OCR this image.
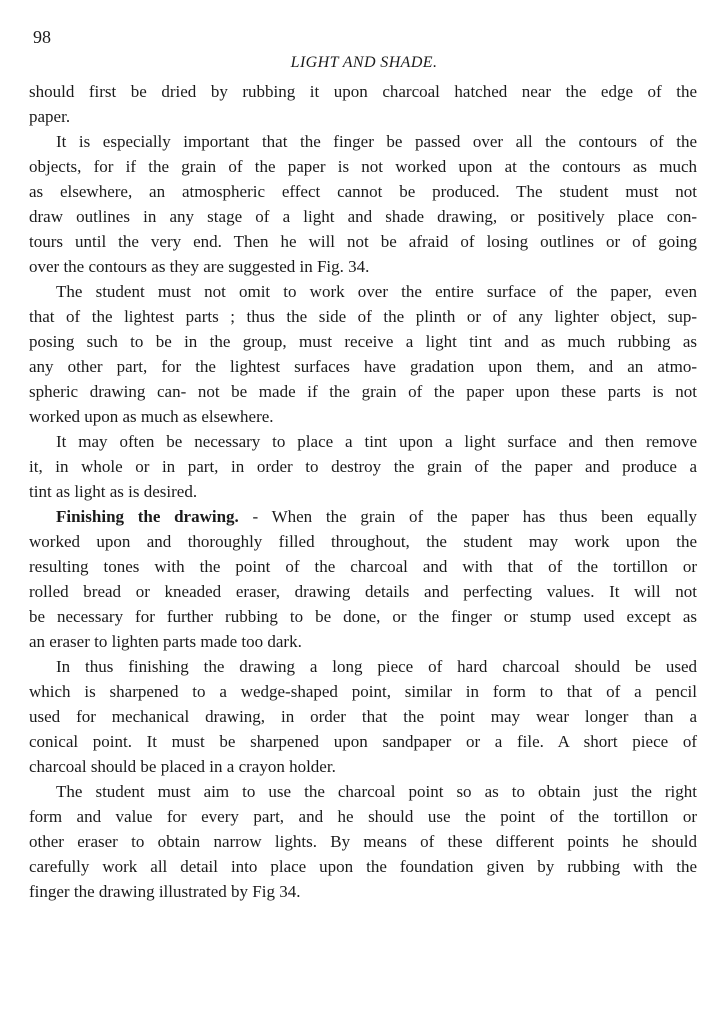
98
LIGHT AND SHADE.
should first be dried by rubbing it upon charcoal hatched near the edge of the
paper.
It is especially important that the finger be passed over all the contours of the
objects, for if the grain of the paper is not worked upon at the contours as much
as elsewhere, an atmospheric effect cannot be produced. The student must not
draw outlines in any stage of a light and shade drawing, or positively place con-
tours until the very end. Then he will not be afraid of losing outlines or of going
over the contours as they are suggested in Fig. 34.
The student must not omit to work over the entire surface of the paper, even
that of the lightest parts ; thus the side of the plinth or of any lighter object, sup-
posing such to be in the group, must receive a light tint and as much rubbing as
any other part, for the lightest surfaces have gradation upon them, and an atmo-
spheric drawing can- not be made if the grain of the paper upon these parts is not
worked upon as much as elsewhere.
It may often be necessary to place a tint upon a light surface and then remove
it, in whole or in part, in order to destroy the grain of the paper and produce a
tint as light as is desired.
Finishing the drawing. - When the grain of the paper has thus been equally
worked upon and thoroughly filled throughout, the student may work upon the
resulting tones with the point of the charcoal and with that of the tortillon or
rolled bread or kneaded eraser, drawing details and perfecting values. It will not
be necessary for further rubbing to be done, or the finger or stump used except as
an eraser to lighten parts made too dark.
In thus finishing the drawing a long piece of hard charcoal should be used
which is sharpened to a wedge-shaped point, similar in form to that of a pencil
used for mechanical drawing, in order that the point may wear longer than a
conical point. It must be sharpened upon sandpaper or a file. A short piece of
charcoal should be placed in a crayon holder.
The student must aim to use the charcoal point so as to obtain just the right
form and value for every part, and he should use the point of the tortillon or
other eraser to obtain narrow lights. By means of these different points he should
carefully work all detail into place upon the foundation given by rubbing with the
finger the drawing illustrated by Fig 34.
